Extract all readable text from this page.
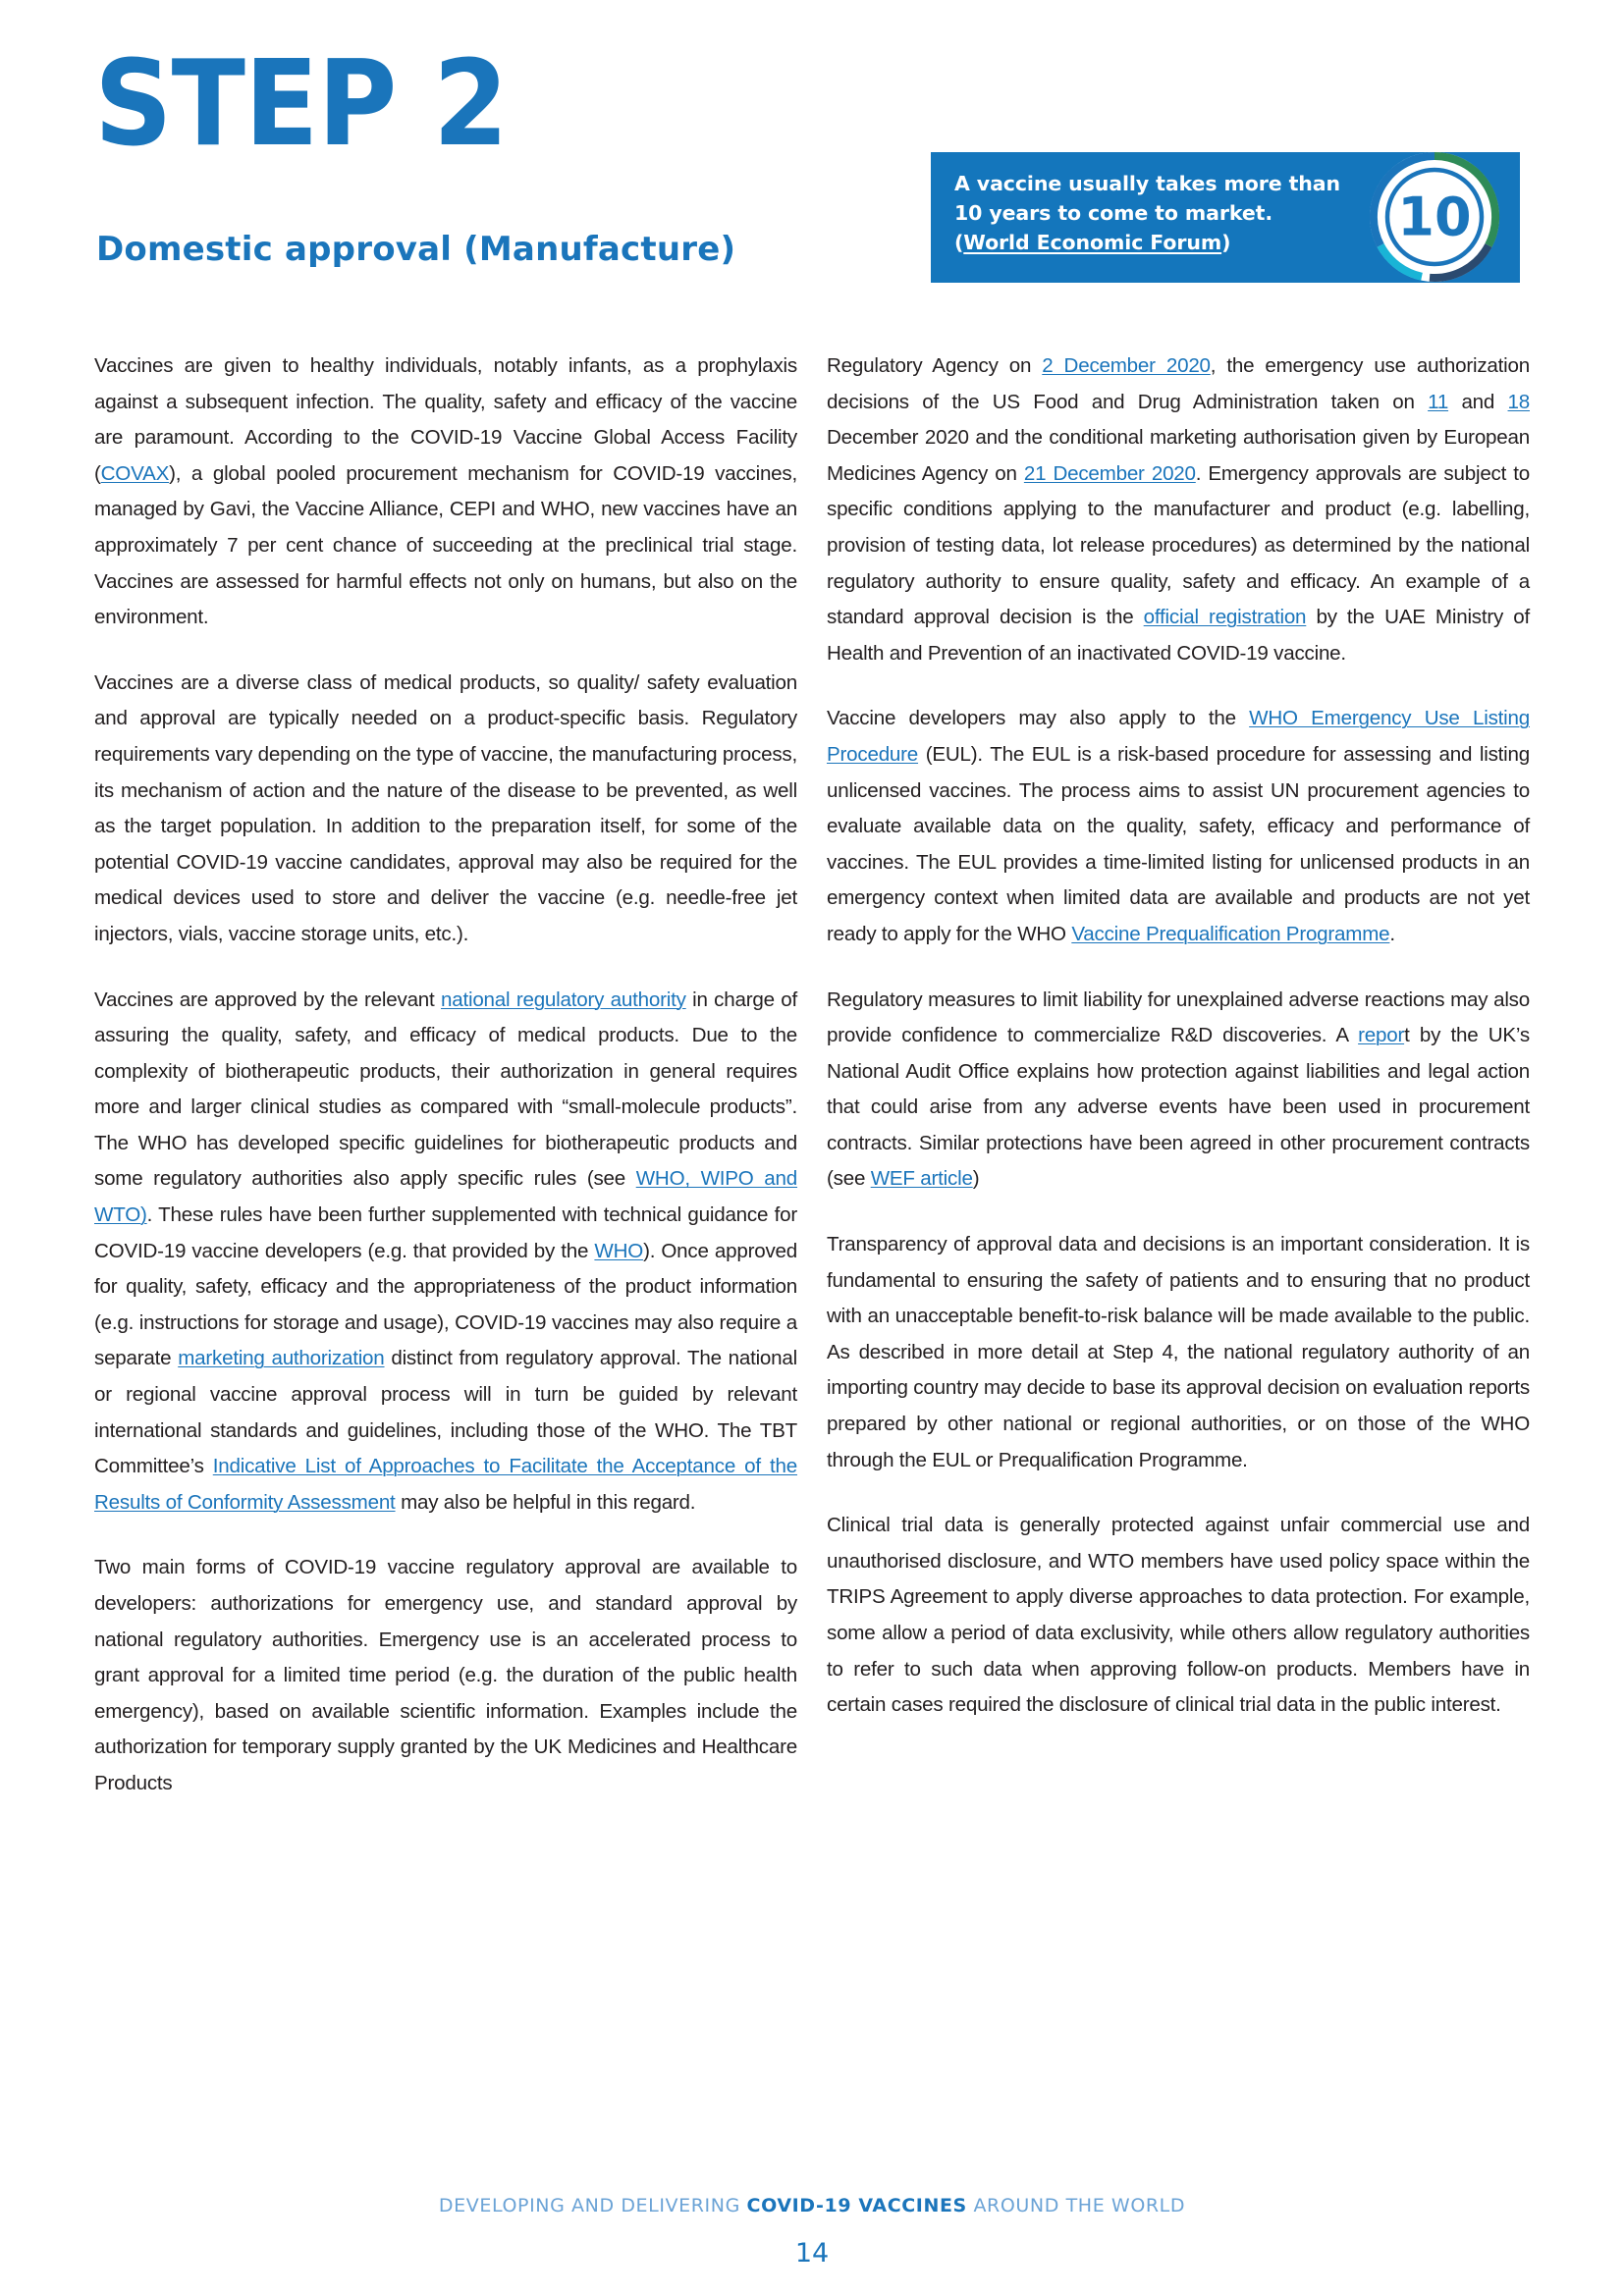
STEP 2
Domestic approval (Manufacture)
A vaccine usually takes more than
10 years to come to market.
(World Economic Forum)	10

Vaccines are given to healthy individuals, notably infants, as a prophylaxis against a subsequent infection. The quality, safety and efficacy of the vaccine are paramount. According to the COVID-19 Vaccine Global Access Facility (COVAX), a global pooled procurement mechanism for COVID-19 vaccines, managed by Gavi, the Vaccine Alliance, CEPI and WHO, new vaccines have an approximately 7 per cent chance of succeeding at the preclinical trial stage. Vaccines are assessed for harmful effects not only on humans, but also on the environment.

Vaccines are a diverse class of medical products, so quality/ safety evaluation and approval are typically needed on a product-specific basis. Regulatory requirements vary depending on the type of vaccine, the manufacturing process, its mechanism of action and the nature of the disease to be prevented, as well as the target population. In addition to the preparation itself, for some of the potential COVID-19 vaccine candidates, approval may also be required for the medical devices used to store and deliver the vaccine (e.g. needle-free jet injectors, vials, vaccine storage units, etc.).

Vaccines are approved by the relevant national regulatory authority in charge of assuring the quality, safety, and efficacy of medical products. Due to the complexity of biotherapeutic products, their authorization in general requires more and larger clinical studies as compared with “small-molecule products”. The WHO has developed specific guidelines for biotherapeutic products and some regulatory authorities also apply specific rules (see WHO, WIPO and WTO). These rules have been further supplemented with technical guidance for COVID-19 vaccine developers (e.g. that provided by the WHO). Once approved for quality, safety, efficacy and the appropriateness of the product information (e.g. instructions for storage and usage), COVID-19 vaccines may also require a separate marketing authorization distinct from regulatory approval. The national or regional vaccine approval process will in turn be guided by relevant international standards and guidelines, including those of the WHO. The TBT Committee’s Indicative List of Approaches to Facilitate the Acceptance of the Results of Conformity Assessment may also be helpful in this regard.

Two main forms of COVID-19 vaccine regulatory approval are available to developers: authorizations for emergency use, and standard approval by national regulatory authorities. Emergency use is an accelerated process to grant approval for a limited time period (e.g. the duration of the public health emergency), based on available scientific information. Examples include the authorization for temporary supply granted by the UK Medicines and Healthcare Products

Regulatory Agency on 2 December 2020, the emergency use authorization decisions of the US Food and Drug Administration taken on 11 and 18 December 2020 and the conditional marketing authorisation given by European Medicines Agency on 21 December 2020. Emergency approvals are subject to specific conditions applying to the manufacturer and product (e.g. labelling, provision of testing data, lot release procedures) as determined by the national regulatory authority to ensure quality, safety and efficacy. An example of a standard approval decision is the official registration by the UAE Ministry of Health and Prevention of an inactivated COVID-19 vaccine.

Vaccine developers may also apply to the WHO Emergency Use Listing Procedure (EUL). The EUL is a risk-based procedure for assessing and listing unlicensed vaccines. The process aims to assist UN procurement agencies to evaluate available data on the quality, safety, efficacy and performance of vaccines. The EUL provides a time-limited listing for unlicensed products in an emergency context when limited data are available and products are not yet ready to apply for the WHO Vaccine Prequalification Programme.

Regulatory measures to limit liability for unexplained adverse reactions may also provide confidence to commercialize R&D discoveries. A report by the UK’s National Audit Office explains how protection against liabilities and legal action that could arise from any adverse events have been used in procurement contracts. Similar protections have been agreed in other procurement contracts (see WEF article)

Transparency of approval data and decisions is an important consideration. It is fundamental to ensuring the safety of patients and to ensuring that no product with an unacceptable benefit-to-risk balance will be made available to the public. As described in more detail at Step 4, the national regulatory authority of an importing country may decide to base its approval decision on evaluation reports prepared by other national or regional authorities, or on those of the WHO through the EUL or Prequalification Programme.

Clinical trial data is generally protected against unfair commercial use and unauthorised disclosure, and WTO members have used policy space within the TRIPS Agreement to apply diverse approaches to data protection. For example, some allow a period of data exclusivity, while others allow regulatory authorities to refer to such data when approving follow-on products. Members have in certain cases required the disclosure of clinical trial data in the public interest.

DEVELOPING AND DELIVERING COVID-19 VACCINES AROUND THE WORLD
14
